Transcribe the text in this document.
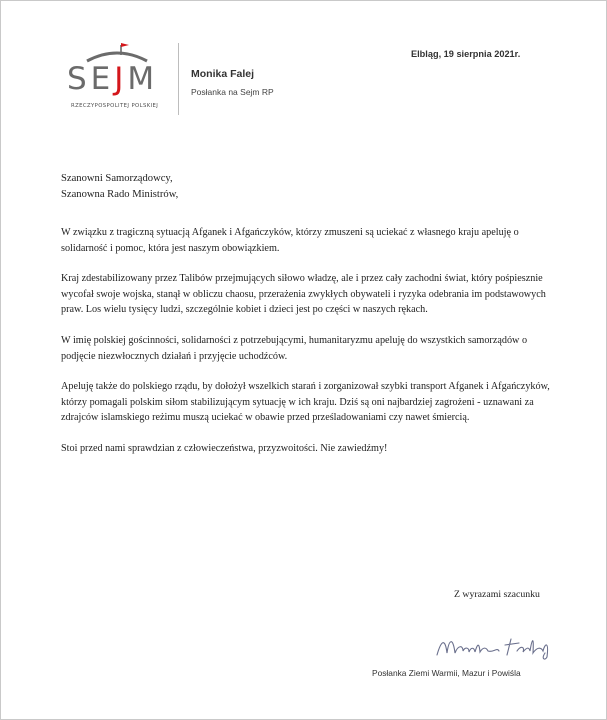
SEJM
RZECZYPOSPOLITEJ POLSKIEJ
Monika Falej
Posłanka na Sejm RP
Elbląg, 19 sierpnia 2021r.
Szanowni Samorządowcy,
Szanowna Rado Ministrów,

W związku z tragiczną sytuacją Afganek i Afgańczyków, którzy zmuszeni są uciekać z własnego kraju apeluję o solidarność i pomoc, która jest naszym obowiązkiem.

Kraj zdestabilizowany przez Talibów przejmujących siłowo władzę, ale i przez cały zachodni świat, który pośpiesznie wycofał swoje wojska, stanął w obliczu chaosu, przerażenia zwykłych obywateli i ryzyka odebrania im podstawowych praw. Los wielu tysięcy ludzi, szczególnie kobiet i dzieci jest po części w naszych rękach.

W imię polskiej gościnności, solidarności z potrzebującymi, humanitaryzmu apeluję do wszystkich samorządów o podjęcie niezwłocznych działań i przyjęcie uchodźców.

Apeluję także do polskiego rządu, by dołożył wszelkich starań i zorganizował szybki transport Afganek i Afgańczyków, którzy pomagali polskim siłom stabilizującym sytuację w ich kraju. Dziś są oni najbardziej zagrożeni - uznawani za zdrajców islamskiego reżimu muszą uciekać w obawie przed prześladowaniami czy nawet śmiercią.

Stoi przed nami sprawdzian z człowieczeństwa, przyzwoitości. Nie zawiedźmy!

Z wyrazami szacunku
Posłanka Ziemi Warmii, Mazur i Powiśla
